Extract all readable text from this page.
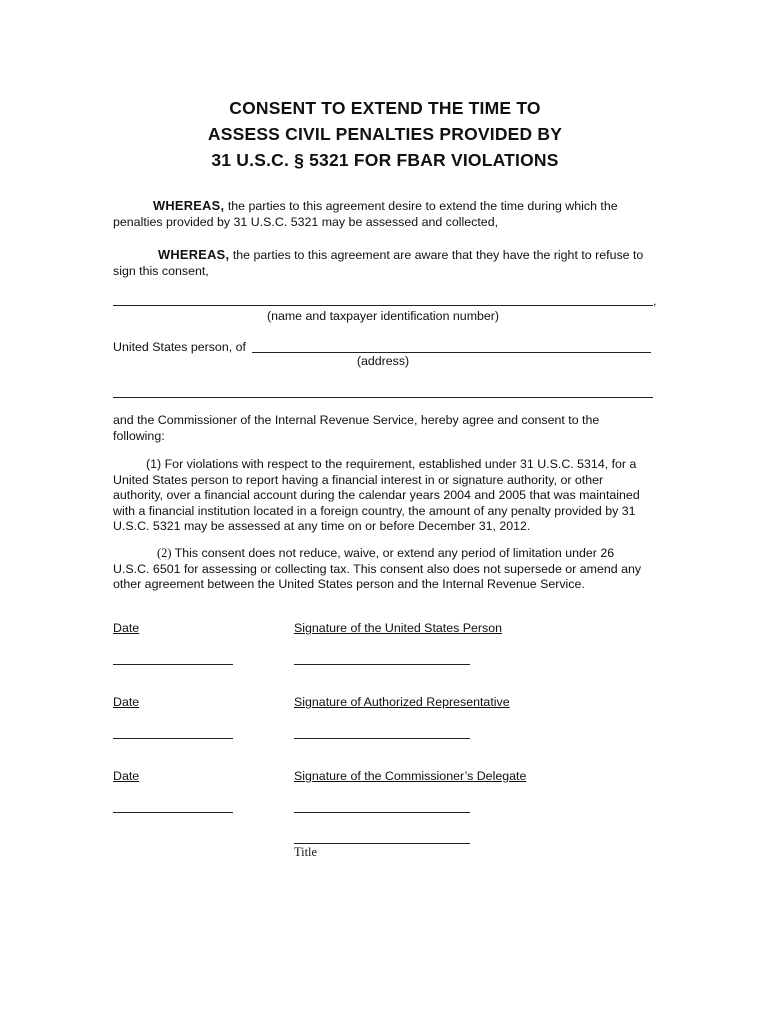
CONSENT TO EXTEND THE TIME TO
ASSESS CIVIL PENALTIES PROVIDED BY
31 U.S.C. § 5321 FOR FBAR VIOLATIONS
WHEREAS, the parties to this agreement desire to extend the time during which the
penalties provided by 31 U.S.C. 5321 may be assessed and collected,
WHEREAS, the parties to this agreement are aware that they have the right to refuse to
sign this consent,
,
(name and taxpayer identification number)
United States person, of
(address)
and the Commissioner of the Internal Revenue Service, hereby agree and consent to the
following:
(1) For violations with respect to the requirement, established under 31 U.S.C. 5314, for a
United States person to report having a financial interest in or signature authority, or other
authority, over a financial account during the calendar years 2004 and 2005 that was maintained
with a financial institution located in a foreign country, the amount of any penalty provided by 31
U.S.C. 5321 may be assessed at any time on or before December 31, 2012.
(2) This consent does not reduce, waive, or extend any period of limitation under 26
U.S.C. 6501 for assessing or collecting tax. This consent also does not supersede or amend any
other agreement between the United States person and the Internal Revenue Service.
Date	Signature of the United States Person
Date	Signature of Authorized Representative
Date	Signature of the Commissioner’s Delegate
Title
